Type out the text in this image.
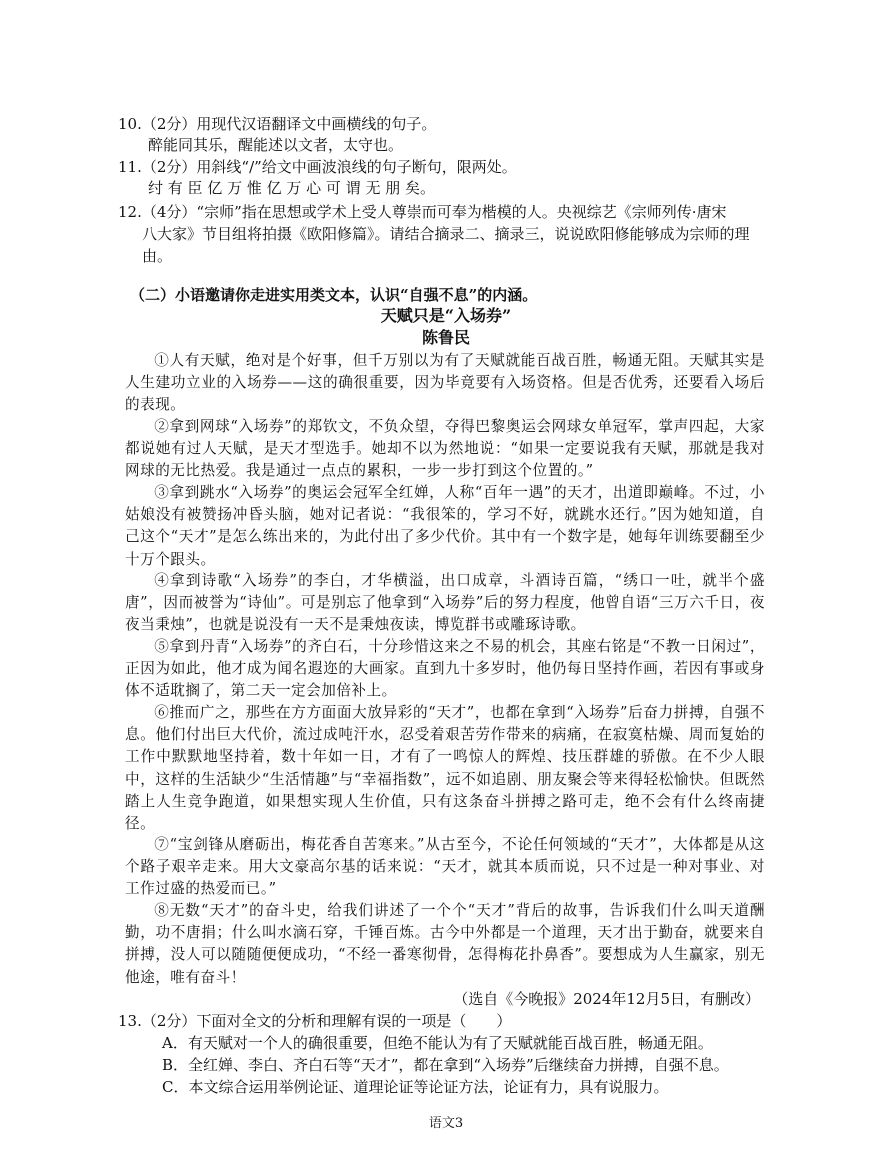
10.（2分）用现代汉语翻译文中画横线的句子。
醉能同其乐，醒能述以文者，太守也。
11.（2分）用斜线“/”给文中画波浪线的句子断句，限两处。
纣 有 臣 亿 万 惟 亿 万 心 可 谓 无 朋 矣。
12.（4分）“宗师”指在思想或学术上受人尊崇而可奉为楷模的人。央视综艺《宗师列传·唐宋
八大家》节目组将拍摄《欧阳修篇》。请结合摘录二、摘录三，说说欧阳修能够成为宗师的理
由。
（二）小语邀请你走进实用类文本，认识“自强不息”的内涵。
天赋只是“入场券”
陈鲁民
①人有天赋，绝对是个好事，但千万别以为有了天赋就能百战百胜，畅通无阻。天赋其实是人生建功立业的入场券——这的确很重要，因为毕竟要有入场资格。但是否优秀，还要看入场后的表现。
②拿到网球“入场券”的郑钦文，不负众望，夺得巴黎奥运会网球女单冠军，掌声四起，大家都说她有过人天赋，是天才型选手。她却不以为然地说：“如果一定要说我有天赋，那就是我对网球的无比热爱。我是通过一点点的累积，一步一步打到这个位置的。”
③拿到跳水“入场券”的奥运会冠军全红婵，人称“百年一遇”的天才，出道即巅峰。不过，小姑娘没有被赞扬冲昏头脑，她对记者说：“我很笨的，学习不好，就跳水还行。”因为她知道，自己这个“天才”是怎么练出来的，为此付出了多少代价。其中有一个数字是，她每年训练要翻至少十万个跟头。
④拿到诗歌“入场券”的李白，才华横溢，出口成章，斗酒诗百篇，“绣口一吐，就半个盛唐”，因而被誉为“诗仙”。可是别忘了他拿到“入场券”后的努力程度，他曾自语“三万六千日，夜夜当秉烛”，也就是说没有一天不是秉烛夜读，博览群书或雕琢诗歌。
⑤拿到丹青“入场券”的齐白石，十分珍惜这来之不易的机会，其座右铭是“不教一日闲过”，正因为如此，他才成为闻名遐迩的大画家。直到九十多岁时，他仍每日坚持作画，若因有事或身体不适耽搁了，第二天一定会加倍补上。
⑥推而广之，那些在方方面面大放异彩的“天才”，也都在拿到“入场券”后奋力拼搏，自强不息。他们付出巨大代价，流过成吨汗水，忍受着艰苦劳作带来的病痛，在寂寞枯燥、周而复始的工作中默默地坚持着，数十年如一日，才有了一鸣惊人的辉煌、技压群雄的骄傲。在不少人眼中，这样的生活缺少“生活情趣”与“幸福指数”，远不如追剧、朋友聚会等来得轻松愉快。但既然踏上人生竞争跑道，如果想实现人生价值，只有这条奋斗拼搏之路可走，绝不会有什么终南捷径。
⑦“宝剑锋从磨砺出，梅花香自苦寒来。”从古至今，不论任何领域的“天才”，大体都是从这个路子艰辛走来。用大文豪高尔基的话来说：“天才，就其本质而说，只不过是一种对事业、对工作过盛的热爱而已。”
⑧无数“天才”的奋斗史，给我们讲述了一个个“天才”背后的故事，告诉我们什么叫天道酬勤，功不唐捐；什么叫水滴石穿，千锤百炼。古今中外都是一个道理，天才出于勤奋，就要来自拼搏，没人可以随随便便成功，“不经一番寒彻骨，怎得梅花扑鼻香”。要想成为人生赢家，别无他途，唯有奋斗！
（选自《今晚报》2024年12月5日，有删改）
13.（2分）下面对全文的分析和理解有误的一项是（　　）
A．有天赋对一个人的确很重要，但绝不能认为有了天赋就能百战百胜，畅通无阻。
B．全红婵、李白、齐白石等“天才”，都在拿到“入场券”后继续奋力拼搏，自强不息。
C．本文综合运用举例论证、道理论证等论证方法，论证有力，具有说服力。
语文3
